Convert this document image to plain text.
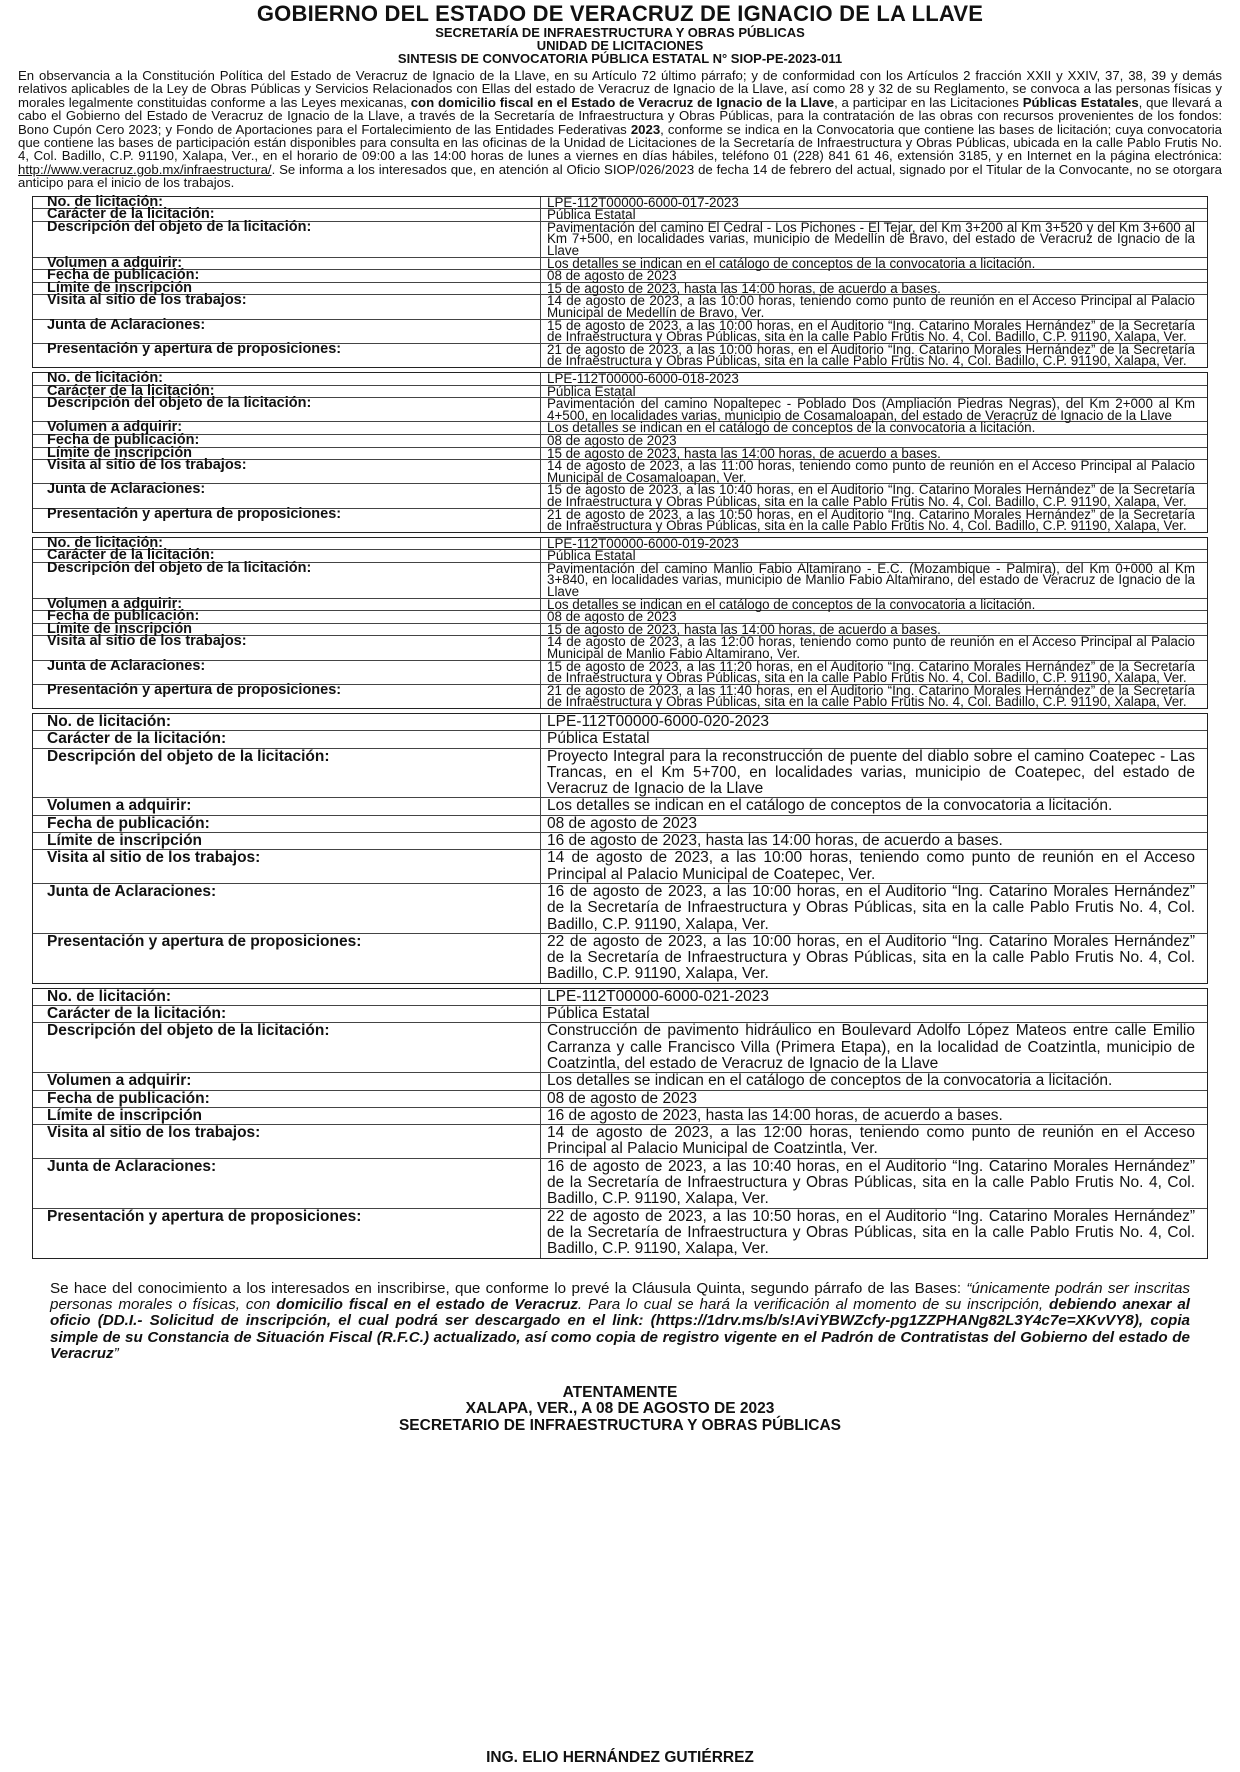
GOBIERNO DEL ESTADO DE VERACRUZ DE IGNACIO DE LA LLAVE
SECRETARÍA DE INFRAESTRUCTURA Y OBRAS PÚBLICAS
UNIDAD DE LICITACIONES
SINTESIS DE CONVOCATORIA PÚBLICA ESTATAL N° SIOP-PE-2023-011
En observancia a la Constitución Política del Estado de Veracruz de Ignacio de la Llave, en su Artículo 72 último párrafo; y de conformidad con los Artículos 2 fracción XXII y XXIV, 37, 38, 39 y demás relativos aplicables de la Ley de Obras Públicas y Servicios Relacionados con Ellas del estado de Veracruz de Ignacio de la Llave, así como 28 y 32 de su Reglamento, se convoca a las personas físicas y morales legalmente constituidas conforme a las Leyes mexicanas, con domicilio fiscal en el Estado de Veracruz de Ignacio de la Llave, a participar en las Licitaciones Públicas Estatales, que llevará a cabo el Gobierno del Estado de Veracruz de Ignacio de la Llave, a través de la Secretaría de Infraestructura y Obras Públicas, para la contratación de las obras con recursos provenientes de los fondos: Bono Cupón Cero 2023; y Fondo de Aportaciones para el Fortalecimiento de las Entidades Federativas 2023, conforme se indica en la Convocatoria que contiene las bases de licitación; cuya convocatoria que contiene las bases de participación están disponibles para consulta en las oficinas de la Unidad de Licitaciones de la Secretaría de Infraestructura y Obras Públicas, ubicada en la calle Pablo Frutis No. 4, Col. Badillo, C.P. 91190, Xalapa, Ver., en el horario de 09:00 a las 14:00 horas de lunes a viernes en días hábiles, teléfono 01 (228) 841 61 46, extensión 3185, y en Internet en la página electrónica: http://www.veracruz.gob.mx/infraestructura/. Se informa a los interesados que, en atención al Oficio SIOP/026/2023 de fecha 14 de febrero del actual, signado por el Titular de la Convocante, no se otorgara anticipo para el inicio de los trabajos.
No. de licitación:	LPE-112T00000-6000-017-2023
Carácter de la licitación:	Pública Estatal
Descripción del objeto de la licitación:	Pavimentación del camino El Cedral - Los Pichones - El Tejar, del Km 3+200 al Km 3+520 y del Km 3+600 al Km 7+500, en localidades varias, municipio de Medellín de Bravo, del estado de Veracruz de Ignacio de la Llave
Volumen a adquirir:	Los detalles se indican en el catálogo de conceptos de la convocatoria a licitación.
Fecha de publicación:	08 de agosto de 2023
Límite de inscripción	15 de agosto de 2023, hasta las 14:00 horas, de acuerdo a bases.
Visita al sitio de los trabajos:	14 de agosto de 2023, a las 10:00 horas, teniendo como punto de reunión en el Acceso Principal al Palacio Municipal de Medellín de Bravo, Ver.
Junta de Aclaraciones:	15 de agosto de 2023, a las 10:00 horas, en el Auditorio “Ing. Catarino Morales Hernández” de la Secretaría de Infraestructura y Obras Públicas, sita en la calle Pablo Frutis No. 4, Col. Badillo, C.P. 91190, Xalapa, Ver.
Presentación y apertura de proposiciones:	21 de agosto de 2023, a las 10:00 horas, en el Auditorio “Ing. Catarino Morales Hernández” de la Secretaría de Infraestructura y Obras Públicas, sita en la calle Pablo Frutis No. 4, Col. Badillo, C.P. 91190, Xalapa, Ver.
No. de licitación:	LPE-112T00000-6000-018-2023
Carácter de la licitación:	Pública Estatal
Descripción del objeto de la licitación:	Pavimentación del camino Nopaltepec - Poblado Dos (Ampliación Piedras Negras), del Km 2+000 al Km 4+500, en localidades varias, municipio de Cosamaloapan, del estado de Veracruz de Ignacio de la Llave
Volumen a adquirir:	Los detalles se indican en el catálogo de conceptos de la convocatoria a licitación.
Fecha de publicación:	08 de agosto de 2023
Límite de inscripción	15 de agosto de 2023, hasta las 14:00 horas, de acuerdo a bases.
Visita al sitio de los trabajos:	14 de agosto de 2023, a las 11:00 horas, teniendo como punto de reunión en el Acceso Principal al Palacio Municipal de Cosamaloapan, Ver.
Junta de Aclaraciones:	15 de agosto de 2023, a las 10:40 horas, en el Auditorio “Ing. Catarino Morales Hernández” de la Secretaría de Infraestructura y Obras Públicas, sita en la calle Pablo Frutis No. 4, Col. Badillo, C.P. 91190, Xalapa, Ver.
Presentación y apertura de proposiciones:	21 de agosto de 2023, a las 10:50 horas, en el Auditorio “Ing. Catarino Morales Hernández” de la Secretaría de Infraestructura y Obras Públicas, sita en la calle Pablo Frutis No. 4, Col. Badillo, C.P. 91190, Xalapa, Ver.
No. de licitación:	LPE-112T00000-6000-019-2023
Carácter de la licitación:	Pública Estatal
Descripción del objeto de la licitación:	Pavimentación del camino Manlio Fabio Altamirano - E.C. (Mozambique - Palmira), del Km 0+000 al Km 3+840, en localidades varias, municipio de Manlio Fabio Altamirano, del estado de Veracruz de Ignacio de la Llave
Volumen a adquirir:	Los detalles se indican en el catálogo de conceptos de la convocatoria a licitación.
Fecha de publicación:	08 de agosto de 2023
Límite de inscripción	15 de agosto de 2023, hasta las 14:00 horas, de acuerdo a bases.
Visita al sitio de los trabajos:	14 de agosto de 2023, a las 12:00 horas, teniendo como punto de reunión en el Acceso Principal al Palacio Municipal de Manlio Fabio Altamirano, Ver.
Junta de Aclaraciones:	15 de agosto de 2023, a las 11:20 horas, en el Auditorio “Ing. Catarino Morales Hernández” de la Secretaría de Infraestructura y Obras Públicas, sita en la calle Pablo Frutis No. 4, Col. Badillo, C.P. 91190, Xalapa, Ver.
Presentación y apertura de proposiciones:	21 de agosto de 2023, a las 11:40 horas, en el Auditorio “Ing. Catarino Morales Hernández” de la Secretaría de Infraestructura y Obras Públicas, sita en la calle Pablo Frutis No. 4, Col. Badillo, C.P. 91190, Xalapa, Ver.
No. de licitación:	LPE-112T00000-6000-020-2023
Carácter de la licitación:	Pública Estatal
Descripción del objeto de la licitación:	Proyecto Integral para la reconstrucción de puente del diablo sobre el camino Coatepec - Las Trancas, en el Km 5+700, en localidades varias, municipio de Coatepec, del estado de Veracruz de Ignacio de la Llave
Volumen a adquirir:	Los detalles se indican en el catálogo de conceptos de la convocatoria a licitación.
Fecha de publicación:	08 de agosto de 2023
Límite de inscripción	16 de agosto de 2023, hasta las 14:00 horas, de acuerdo a bases.
Visita al sitio de los trabajos:	14 de agosto de 2023, a las 10:00 horas, teniendo como punto de reunión en el Acceso Principal al Palacio Municipal de Coatepec, Ver.
Junta de Aclaraciones:	16 de agosto de 2023, a las 10:00 horas, en el Auditorio “Ing. Catarino Morales Hernández” de la Secretaría de Infraestructura y Obras Públicas, sita en la calle Pablo Frutis No. 4, Col. Badillo, C.P. 91190, Xalapa, Ver.
Presentación y apertura de proposiciones:	22 de agosto de 2023, a las 10:00 horas, en el Auditorio “Ing. Catarino Morales Hernández” de la Secretaría de Infraestructura y Obras Públicas, sita en la calle Pablo Frutis No. 4, Col. Badillo, C.P. 91190, Xalapa, Ver.
No. de licitación:	LPE-112T00000-6000-021-2023
Carácter de la licitación:	Pública Estatal
Descripción del objeto de la licitación:	Construcción de pavimento hidráulico en Boulevard Adolfo López Mateos entre calle Emilio Carranza y calle Francisco Villa (Primera Etapa), en la localidad de Coatzintla, municipio de Coatzintla, del estado de Veracruz de Ignacio de la Llave
Volumen a adquirir:	Los detalles se indican en el catálogo de conceptos de la convocatoria a licitación.
Fecha de publicación:	08 de agosto de 2023
Límite de inscripción	16 de agosto de 2023, hasta las 14:00 horas, de acuerdo a bases.
Visita al sitio de los trabajos:	14 de agosto de 2023, a las 12:00 horas, teniendo como punto de reunión en el Acceso Principal al Palacio Municipal de Coatzintla, Ver.
Junta de Aclaraciones:	16 de agosto de 2023, a las 10:40 horas, en el Auditorio “Ing. Catarino Morales Hernández” de la Secretaría de Infraestructura y Obras Públicas, sita en la calle Pablo Frutis No. 4, Col. Badillo, C.P. 91190, Xalapa, Ver.
Presentación y apertura de proposiciones:	22 de agosto de 2023, a las 10:50 horas, en el Auditorio “Ing. Catarino Morales Hernández” de la Secretaría de Infraestructura y Obras Públicas, sita en la calle Pablo Frutis No. 4, Col. Badillo, C.P. 91190, Xalapa, Ver.
Se hace del conocimiento a los interesados en inscribirse, que conforme lo prevé la Cláusula Quinta, segundo párrafo de las Bases: “únicamente podrán ser inscritas personas morales o físicas, con domicilio fiscal en el estado de Veracruz. Para lo cual se hará la verificación al momento de su inscripción, debiendo anexar al oficio (DD.I.- Solicitud de inscripción, el cual podrá ser descargado en el link: (https://1drv.ms/b/s!AviYBWZcfy-pg1ZZPHANg82L3Y4c7e=XKvVY8), copia simple de su Constancia de Situación Fiscal (R.F.C.) actualizado, así como copia de registro vigente en el Padrón de Contratistas del Gobierno del estado de Veracruz”
ATENTAMENTE
XALAPA, VER., A 08 DE AGOSTO DE 2023
SECRETARIO DE INFRAESTRUCTURA Y OBRAS PÚBLICAS
ING. ELIO HERNÁNDEZ GUTIÉRREZ
